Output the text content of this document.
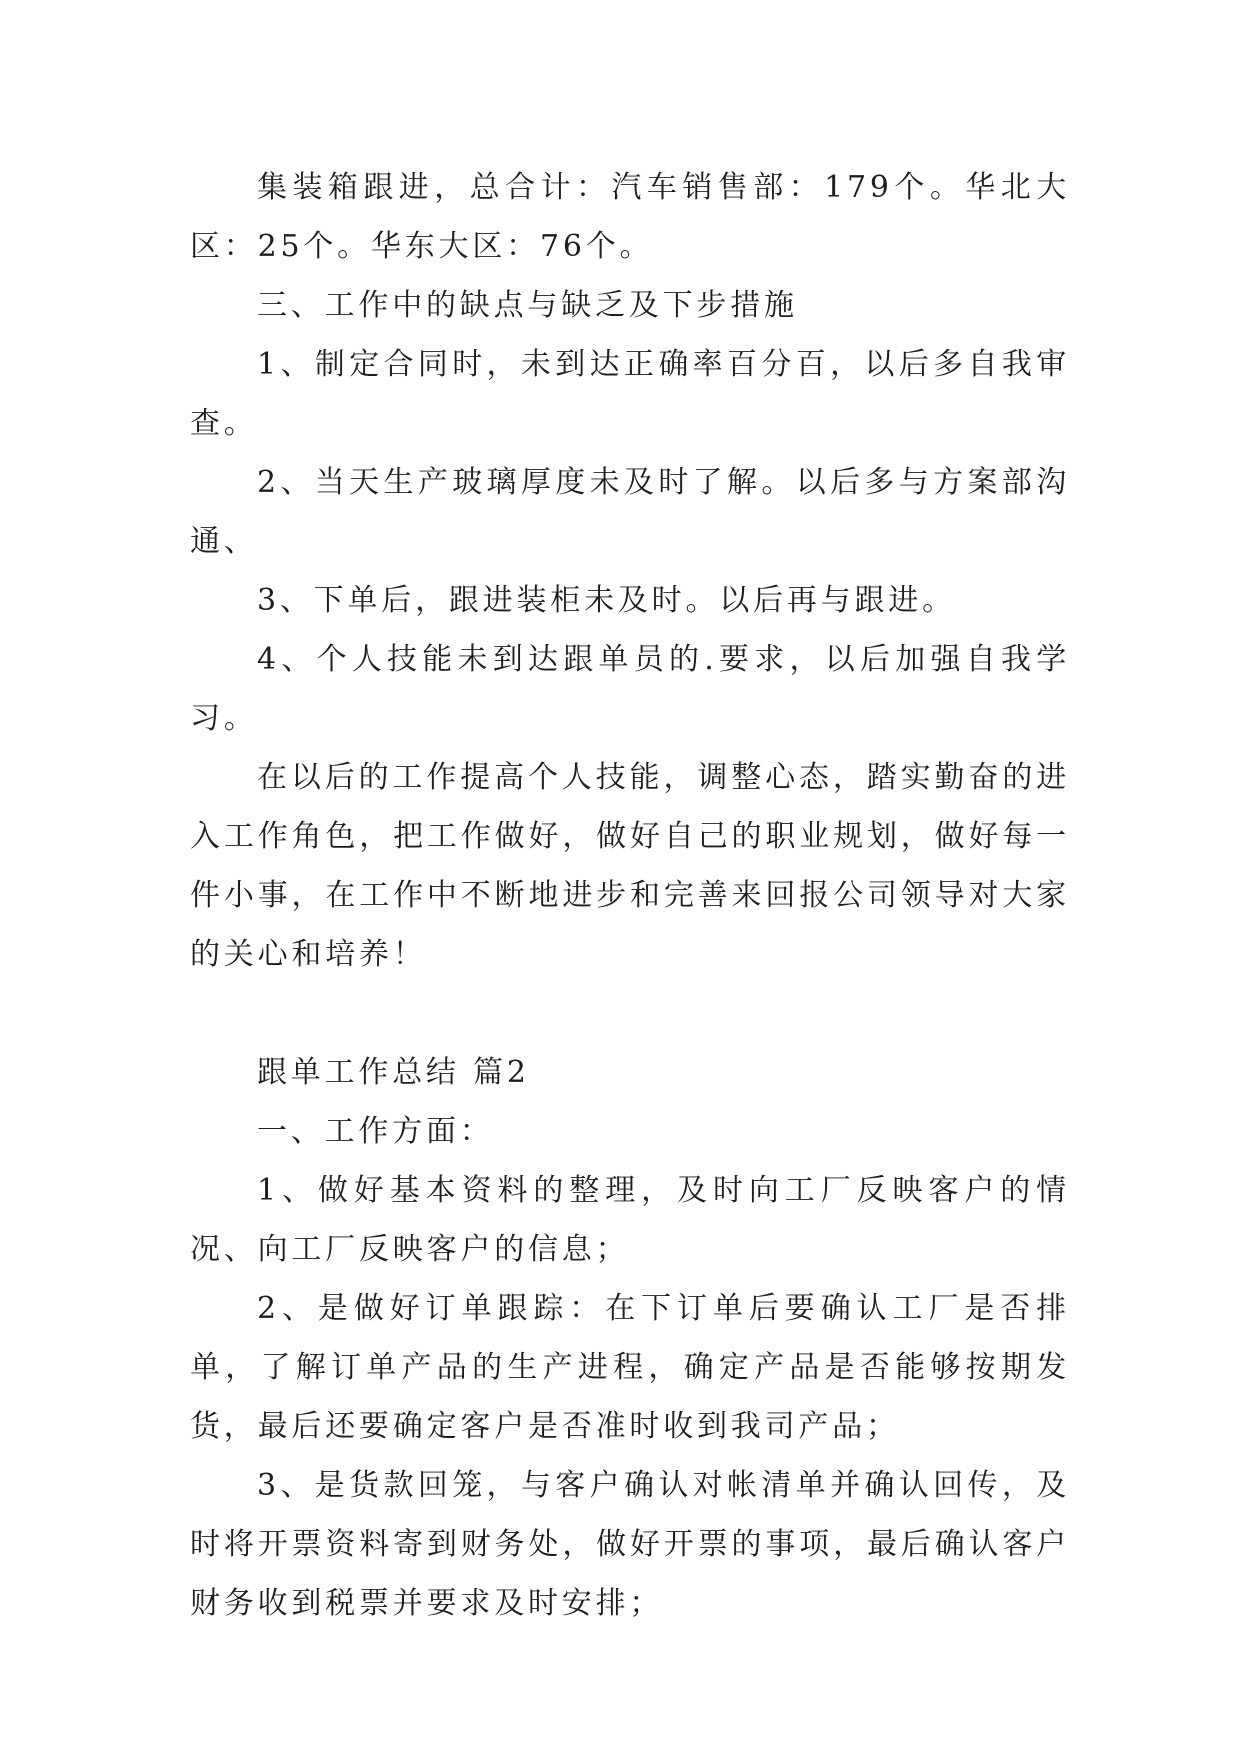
集装箱跟进，总合计：汽车销售部：179个。华北大区：25个。华东大区：76个。

三、工作中的缺点与缺乏及下步措施

1、制定合同时，未到达正确率百分百，以后多自我审查。

2、当天生产玻璃厚度未及时了解。以后多与方案部沟通、

3、下单后，跟进装柜未及时。以后再与跟进。

4、个人技能未到达跟单员的.要求，以后加强自我学习。

在以后的工作提高个人技能，调整心态，踏实勤奋的进入工作角色，把工作做好，做好自己的职业规划，做好每一件小事，在工作中不断地进步和完善来回报公司领导对大家的关心和培养！

跟单工作总结 篇2

一、工作方面：

1、做好基本资料的整理，及时向工厂反映客户的情况、向工厂反映客户的信息；

2、是做好订单跟踪：在下订单后要确认工厂是否排单，了解订单产品的生产进程，确定产品是否能够按期发货，最后还要确定客户是否准时收到我司产品；

3、是货款回笼，与客户确认对帐清单并确认回传，及时将开票资料寄到财务处，做好开票的事项，最后确认客户财务收到税票并要求及时安排；
